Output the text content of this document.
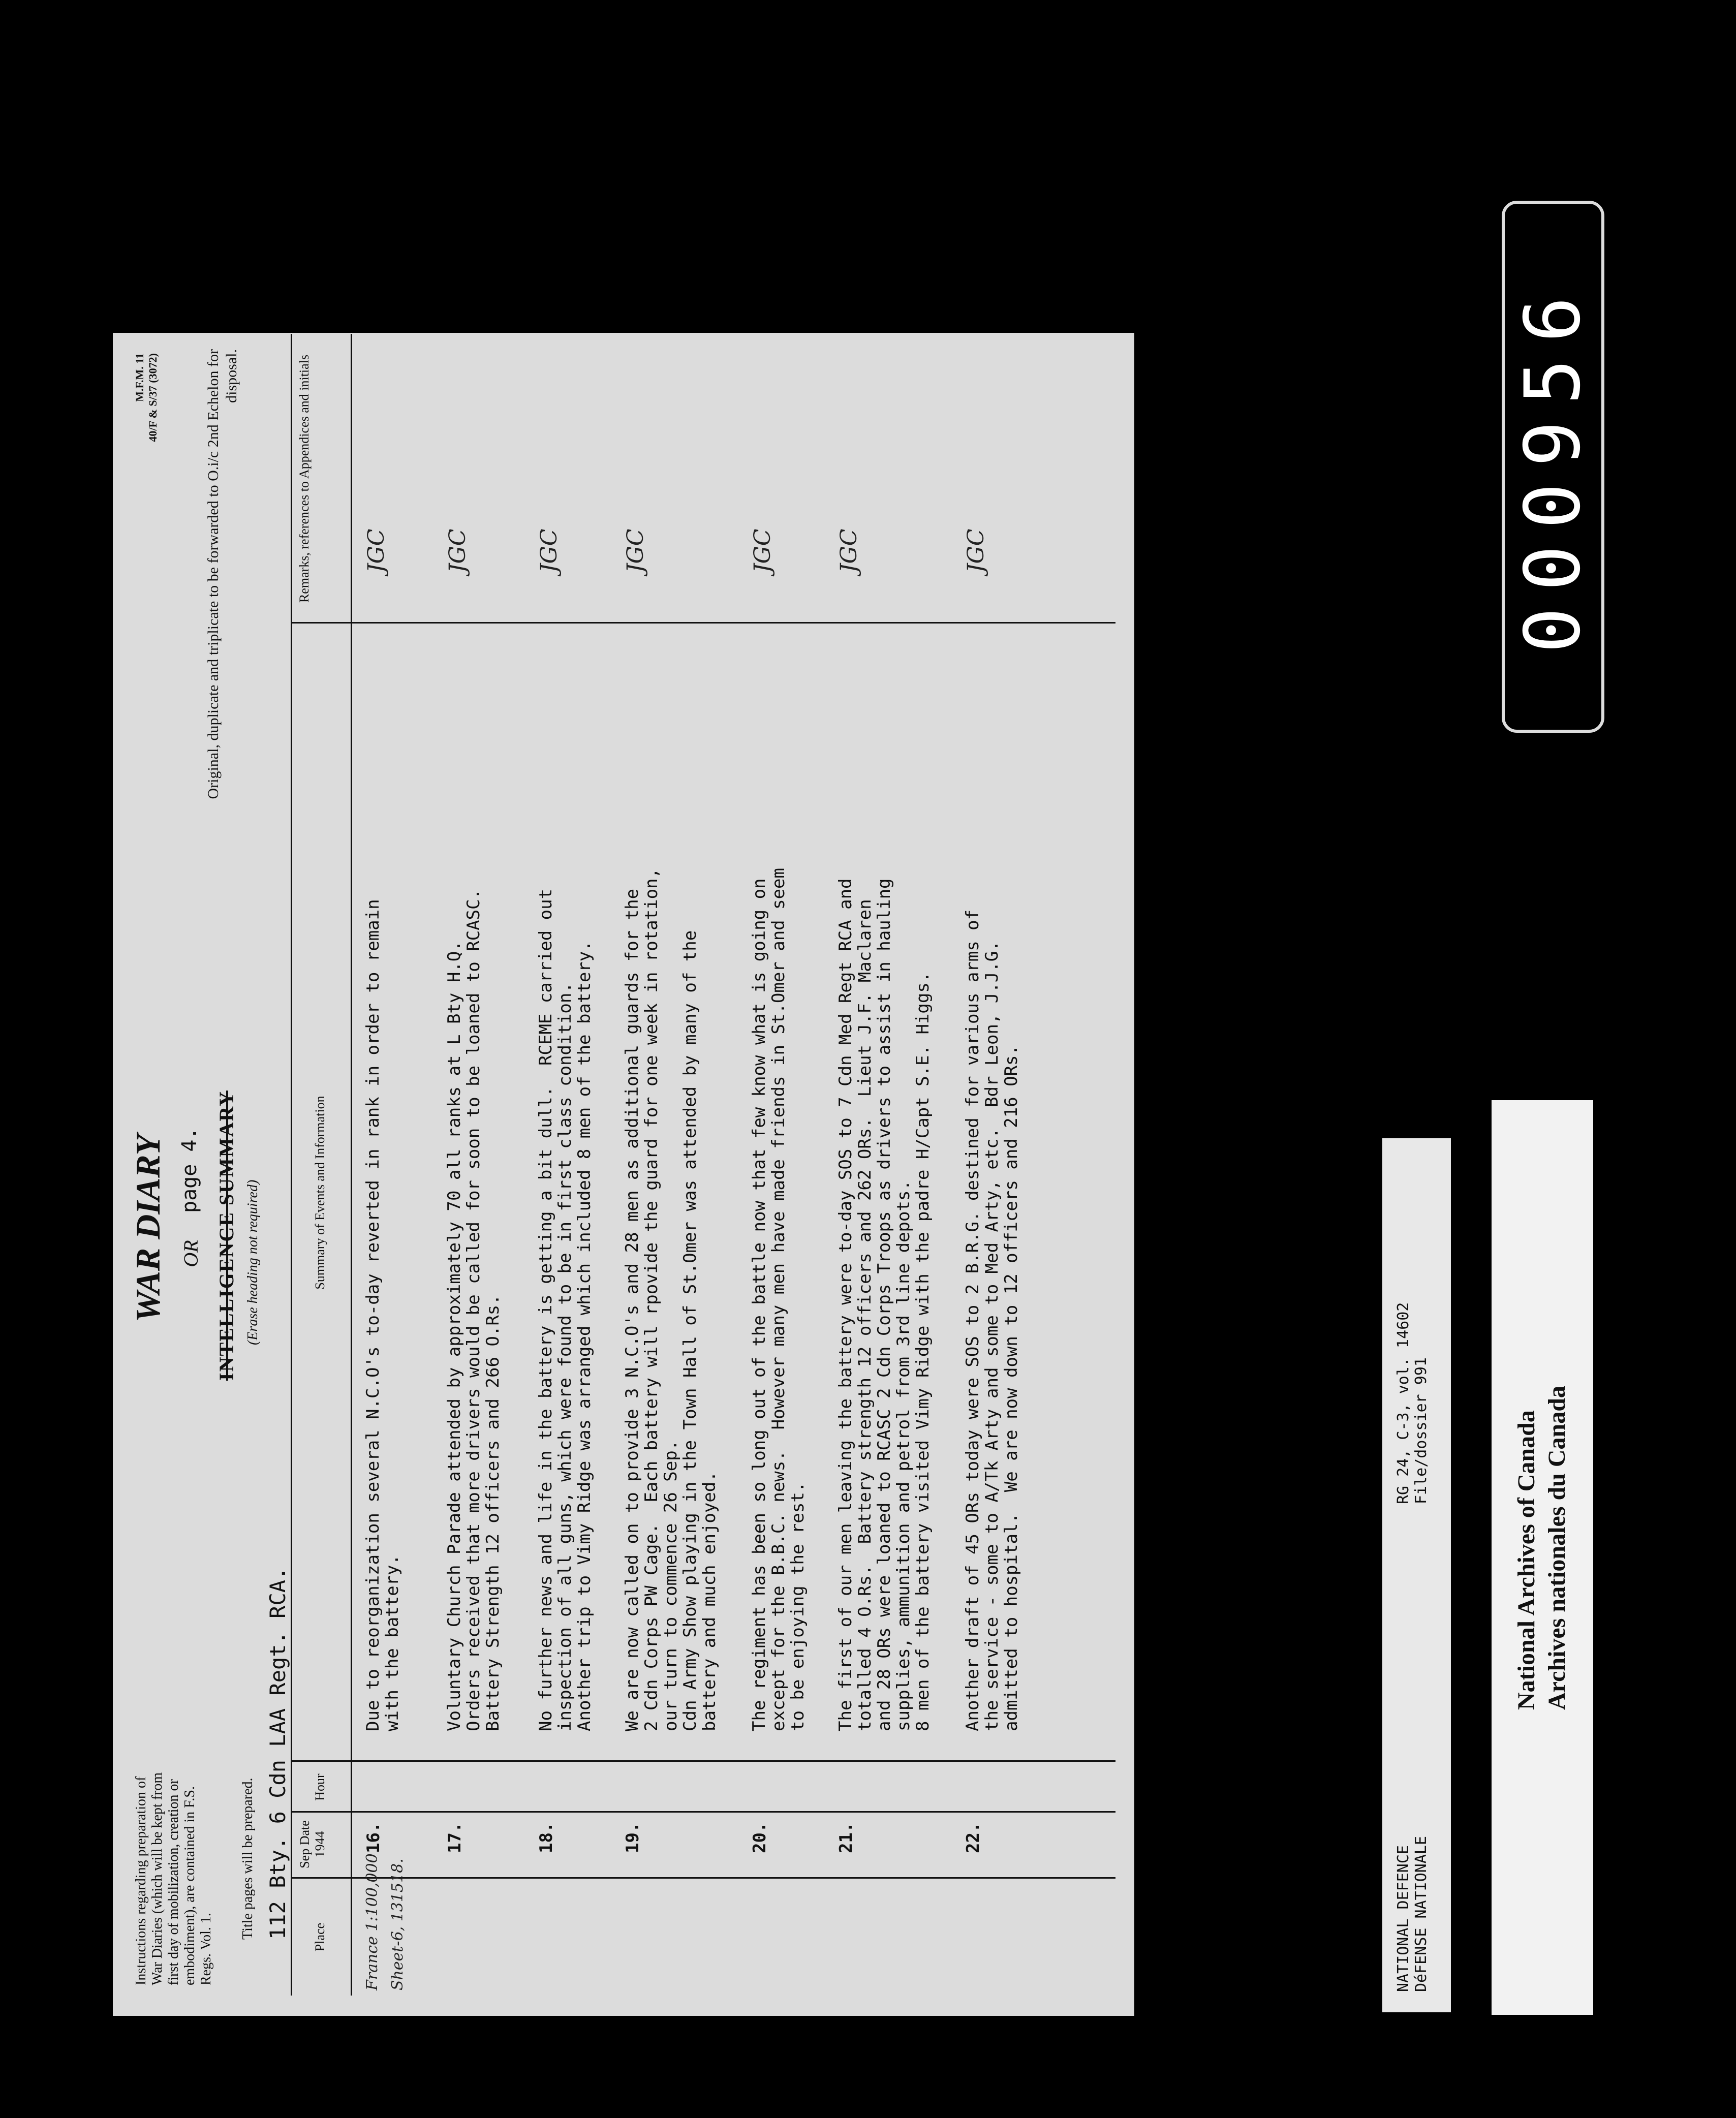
Instructions regarding preparation of War Diaries (which will be kept from first day of mobilization, creation or embodiment), are contained in F.S. Regs. Vol. 1.
Title pages will be prepared. 112 Bty. 6 Cdn LAA Regt. RCA.
WAR DIARY OR
page 4. INTELLIGENCE SUMMARY (Erase heading not required)
M.F.M. 11 40/F & S/37 (3072)	Original, duplicate and triplicate to be forwarded to O.i/c 2nd Echelon for disposal.
Place
Sep Date 1944
Hour
Summary of Events and Information
Remarks, references to Appendices and initials
France 1:100,000 Sheet-6, 131518.
16.
Due to reorganization several N.C.O's to-day reverted in rank in order to remain
with the battery.
JGC
17.
Voluntary Church Parade attended by approximately 70 all ranks at L Bty H.Q.
Orders received that more drivers would be called for soon to be loaned to RCASC.
Battery Strength 12 officers and 266 O.Rs.
JGC
18.
No further news and life in the battery is getting a bit dull.  RCEME carried out
inspection of all guns, which were found to be in first class condition.
Another trip to Vimy Ridge was arranged which included 8 men of the battery.
JGC
19.
We are now called on to provide 3 N.C.O's and 28 men as additional guards for the
2 Cdn Corps PW Cage.  Each battery will rpovide the guard for one week in rotation,
our turn to commence 26 Sep.
Cdn Army Show playing in the Town Hall of St.Omer was attended by many of the
battery and much enjoyed.
JGC
20.
The regiment has been so long out of the battle now that few know what is going on
except for the B.B.C. news.  However many men have made friends in St.Omer and seem
to be enjoying the rest.
JGC
21.
The first of our men leaving the battery were to-day SOS to 7 Cdn Med Regt RCA and
totalled 4 O.Rs.  Battery strength 12 officers and 262 ORs.  Lieut J.F. Maclaren
and 28 ORs were loaned to RCASC 2 Cdn Corps Troops as drivers to assist in hauling
supplies, ammunition and petrol from 3rd line depots.
8 men of the battery visited Vimy Ridge with the padre H/Capt S.E. Higgs.
JGC
22.
Another draft of 45 ORs today were SOS to 2 B.R.G. destined for various arms of
the service - some to A/Tk Arty and some to Med Arty, etc.  Bdr Leon, J.J.G.
admitted to hospital.  We are now down to 12 officers and 216 ORs.
JGC
NATIONAL DEFENCE DéFENSE NATIONALE
RG 24, C-3, vol. 14602 File/dossier 991	National Archives of Canada Archives nationales du Canada
000956
